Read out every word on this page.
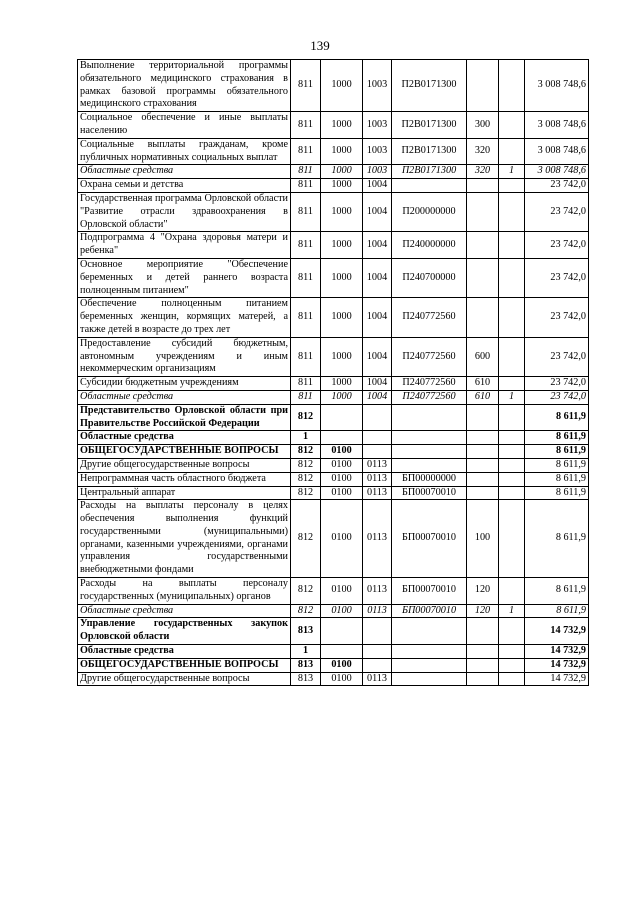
139
Выполнение территориальной программы обязательного медицинского страхования в рамках базовой программы обязательного медицинского страхования	811	1000	1003	П2В0171300			3 008 748,6
Социальное обеспечение и иные выплаты населению	811	1000	1003	П2В0171300	300		3 008 748,6
Социальные выплаты гражданам, кроме публичных нормативных социальных выплат	811	1000	1003	П2В0171300	320		3 008 748,6
Областные средства	811	1000	1003	П2В0171300	320	1	3 008 748,6
Охрана семьи и детства	811	1000	1004				23 742,0
Государственная программа Орловской области "Развитие отрасли здравоохранения в Орловской области"	811	1000	1004	П200000000			23 742,0
Подпрограмма 4 "Охрана здоровья матери и ребенка"	811	1000	1004	П240000000			23 742,0
Основное мероприятие "Обеспечение беременных и детей раннего возраста полноценным питанием"	811	1000	1004	П240700000			23 742,0
Обеспечение полноценным питанием беременных женщин, кормящих матерей, а также детей в возрасте до трех лет	811	1000	1004	П240772560			23 742,0
Предоставление субсидий бюджетным, автономным учреждениям и иным некоммерческим организациям	811	1000	1004	П240772560	600		23 742,0
Субсидии бюджетным учреждениям	811	1000	1004	П240772560	610		23 742,0
Областные средства	811	1000	1004	П240772560	610	1	23 742,0
Представительство Орловской области при Правительстве Российской Федерации	812						8 611,9
Областные средства	1						8 611,9
ОБЩЕГОСУДАРСТВЕННЫЕ ВОПРОСЫ	812	0100					8 611,9
Другие общегосударственные вопросы	812	0100	0113				8 611,9
Непрограммная часть областного бюджета	812	0100	0113	БП00000000			8 611,9
Центральный аппарат	812	0100	0113	БП00070010			8 611,9
Расходы на выплаты персоналу в целях обеспечения выполнения функций государственными (муниципальными) органами, казенными учреждениями, органами управления государственными внебюджетными фондами	812	0100	0113	БП00070010	100		8 611,9
Расходы на выплаты персоналу государственных (муниципальных) органов	812	0100	0113	БП00070010	120		8 611,9
Областные средства	812	0100	0113	БП00070010	120	1	8 611,9
Управление государственных закупок Орловской области	813						14 732,9
Областные средства	1						14 732,9
ОБЩЕГОСУДАРСТВЕННЫЕ ВОПРОСЫ	813	0100					14 732,9
Другие общегосударственные вопросы	813	0100	0113				14 732,9
